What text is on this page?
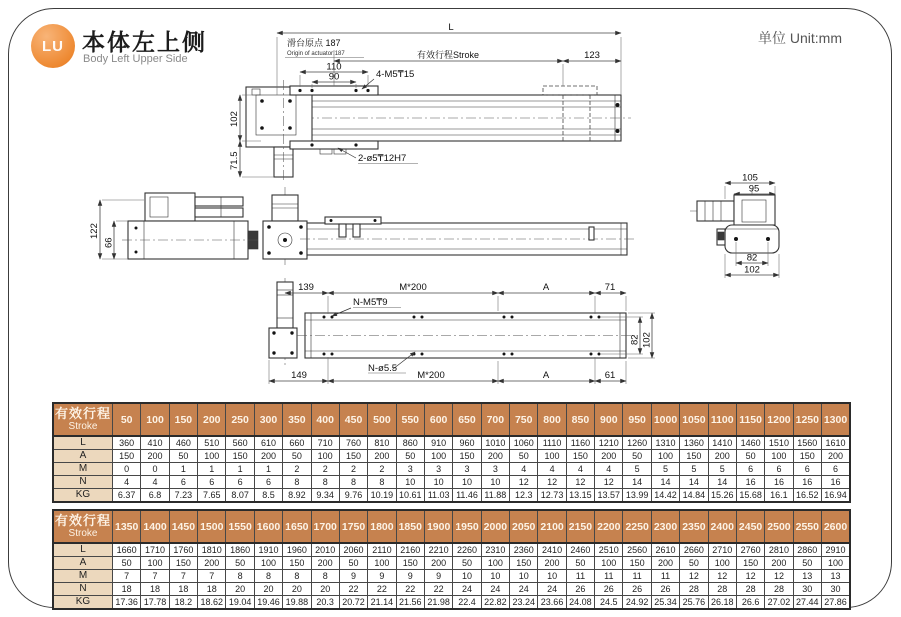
LU 本体左上侧
Body Left Upper Side
单位 Unit:mm
L
滑台原点 187
Origin of actuator:187	有效行程Stroke	123
110
90	4-M5₸15
102
71.5	2-ø5₸12H7
122
66
105
95
82
102
139	M*200	A	71
N-M5₸9
82 102
149	M*200	A	61
N-ø5.5
有效行程
Stroke	50	100	150	200	250	300	350	400	450	500	550	600	650	700	750	800	850	900	950	1000	1050	1100	1150	1200	1250	1300
L	360	410	460	510	560	610	660	710	760	810	860	910	960	1010	1060	1110	1160	1210	1260	1310	1360	1410	1460	1510	1560	1610
A	150	200	50	100	150	200	50	100	150	200	50	100	150	200	50	100	150	200	50	100	150	200	50	100	150	200
M	0	0	1	1	1	1	2	2	2	2	3	3	3	3	4	4	4	4	5	5	5	5	6	6	6	6
N	4	4	6	6	6	6	8	8	8	8	10	10	10	10	12	12	12	12	14	14	14	14	16	16	16	16
KG	6.37	6.8	7.23	7.65	8.07	8.5	8.92	9.34	9.76	10.19	10.61	11.03	11.46	11.88	12.3	12.73	13.15	13.57	13.99	14.42	14.84	15.26	15.68	16.1	16.52	16.94
有效行程
Stroke	1350	1400	1450	1500	1550	1600	1650	1700	1750	1800	1850	1900	1950	2000	2050	2100	2150	2200	2250	2300	2350	2400	2450	2500	2550	2600
L	1660	1710	1760	1810	1860	1910	1960	2010	2060	2110	2160	2210	2260	2310	2360	2410	2460	2510	2560	2610	2660	2710	2760	2810	2860	2910
A	50	100	150	200	50	100	150	200	50	100	150	200	50	100	150	200	50	100	150	200	50	100	150	200	50	100
M	7	7	7	7	8	8	8	8	9	9	9	9	10	10	10	10	11	11	11	11	12	12	12	12	13	13
N	18	18	18	18	20	20	20	20	22	22	22	22	24	24	24	24	26	26	26	26	28	28	28	28	30	30
KG	17.36	17.78	18.2	18.62	19.04	19.46	19.88	20.3	20.72	21.14	21.56	21.98	22.4	22.82	23.24	23.66	24.08	24.5	24.92	25.34	25.76	26.18	26.6	27.02	27.44	27.86
